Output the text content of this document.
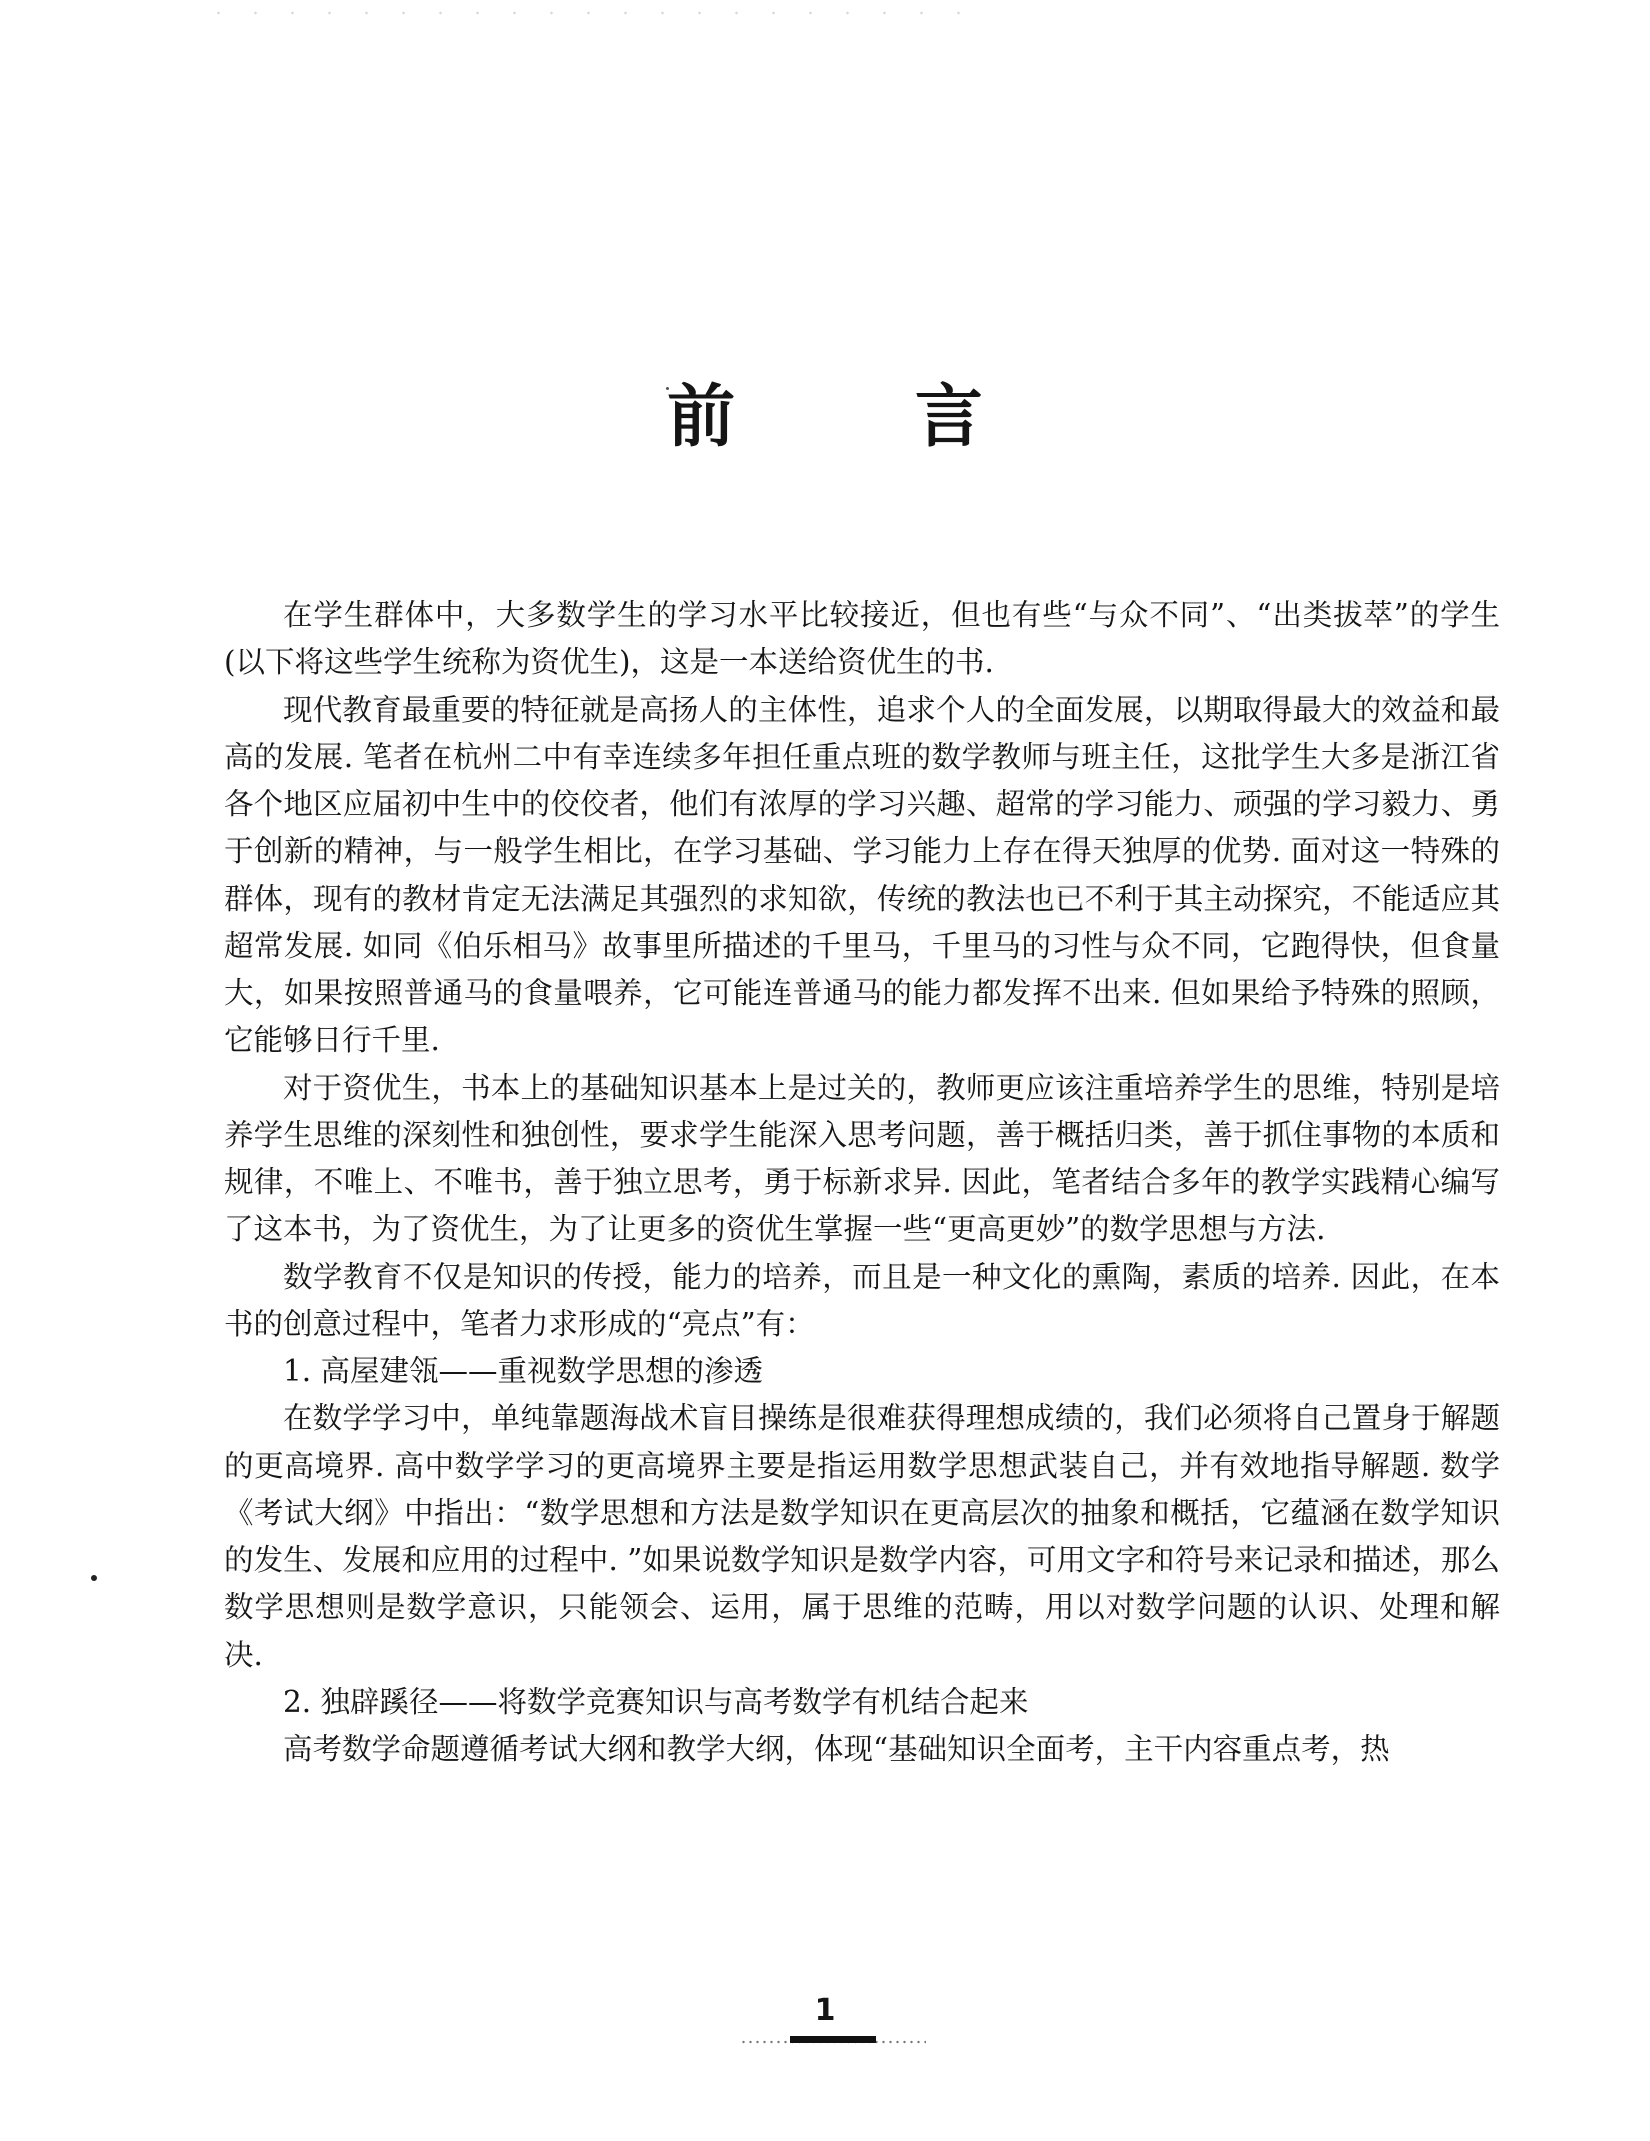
前 言

在学生群体中，大多数学生的学习水平比较接近，但也有些“与众不同”、“出类拔萃”的学生(以下将这些学生统称为资优生)，这是一本送给资优生的书.

现代教育最重要的特征就是高扬人的主体性，追求个人的全面发展，以期取得最大的效益和最高的发展. 笔者在杭州二中有幸连续多年担任重点班的数学教师与班主任，这批学生大多是浙江省各个地区应届初中生中的佼佼者，他们有浓厚的学习兴趣、超常的学习能力、顽强的学习毅力、勇于创新的精神，与一般学生相比，在学习基础、学习能力上存在得天独厚的优势. 面对这一特殊的群体，现有的教材肯定无法满足其强烈的求知欲，传统的教法也已不利于其主动探究，不能适应其超常发展. 如同《伯乐相马》故事里所描述的千里马，千里马的习性与众不同，它跑得快，但食量大，如果按照普通马的食量喂养，它可能连普通马的能力都发挥不出来. 但如果给予特殊的照顾，它能够日行千里.

对于资优生，书本上的基础知识基本上是过关的，教师更应该注重培养学生的思维，特别是培养学生思维的深刻性和独创性，要求学生能深入思考问题，善于概括归类，善于抓住事物的本质和规律，不唯上、不唯书，善于独立思考，勇于标新求异. 因此，笔者结合多年的教学实践精心编写了这本书，为了资优生，为了让更多的资优生掌握一些“更高更妙”的数学思想与方法.

数学教育不仅是知识的传授，能力的培养，而且是一种文化的熏陶，素质的培养. 因此，在本书的创意过程中，笔者力求形成的“亮点”有：

1. 高屋建瓴——重视数学思想的渗透

在数学学习中，单纯靠题海战术盲目操练是很难获得理想成绩的，我们必须将自己置身于解题的更高境界. 高中数学学习的更高境界主要是指运用数学思想武装自己，并有效地指导解题. 数学《考试大纲》中指出：“数学思想和方法是数学知识在更高层次的抽象和概括，它蕴涵在数学知识的发生、发展和应用的过程中. ”如果说数学知识是数学内容，可用文字和符号来记录和描述，那么数学思想则是数学意识，只能领会、运用，属于思维的范畴，用以对数学问题的认识、处理和解决.

2. 独辟蹊径——将数学竞赛知识与高考数学有机结合起来

高考数学命题遵循考试大纲和教学大纲，体现“基础知识全面考，主干内容重点考，热

1
